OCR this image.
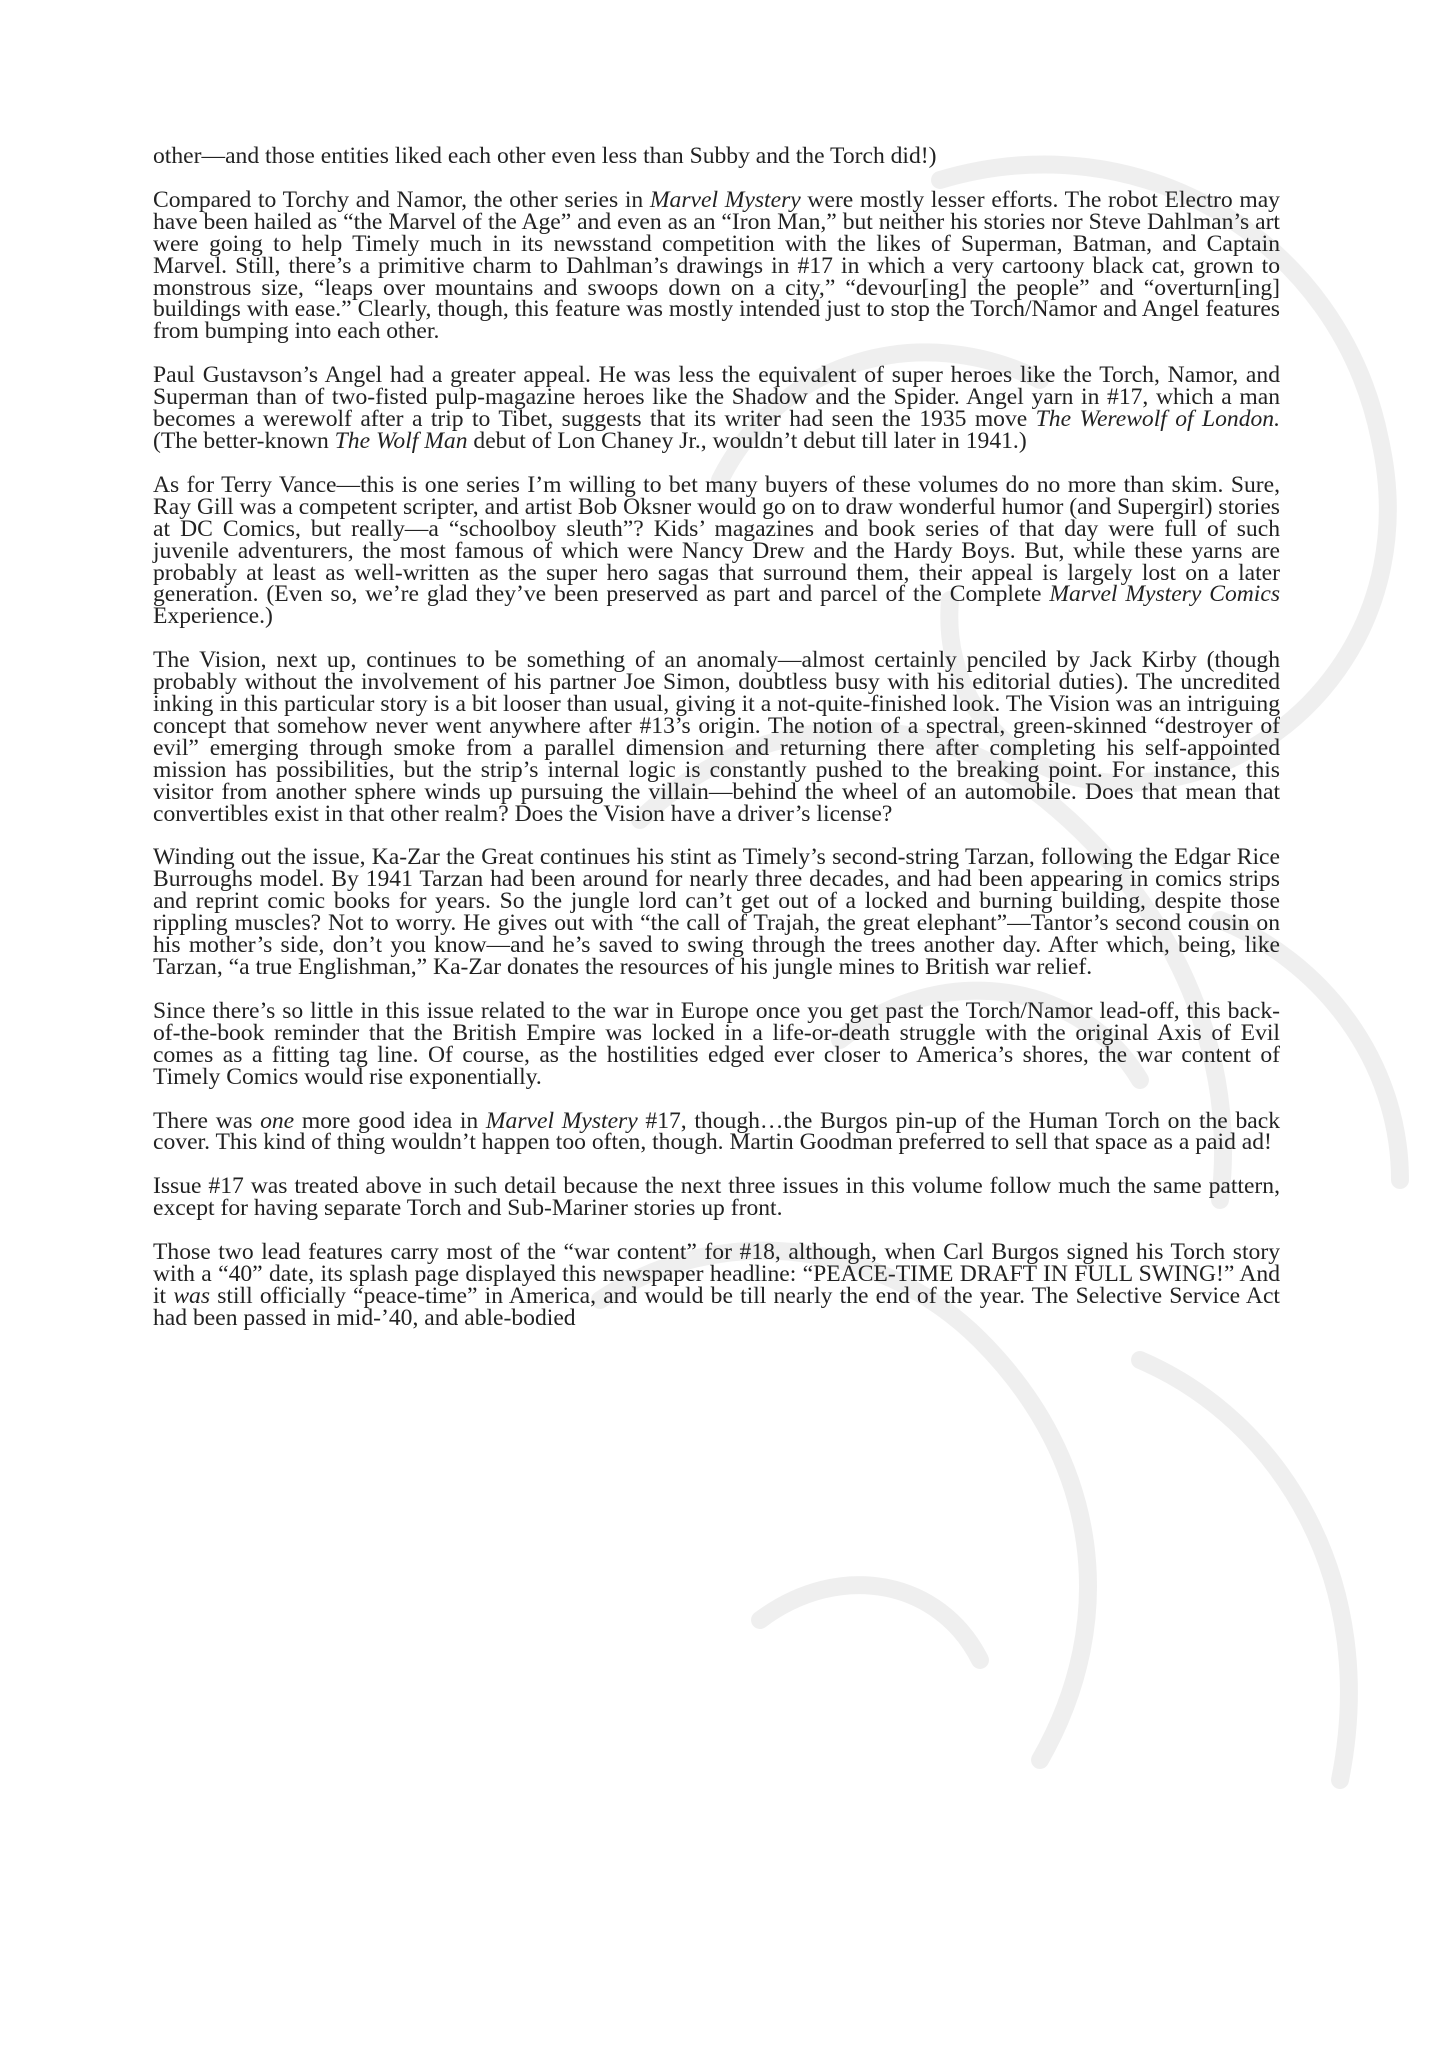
other—and those entities liked each other even less than Subby and the Torch did!)

Compared to Torchy and Namor, the other series in Marvel Mystery were mostly lesser efforts. The robot Electro may have been hailed as “the Marvel of the Age” and even as an “Iron Man,” but neither his stories nor Steve Dahlman’s art were going to help Timely much in its newsstand competition with the likes of Superman, Batman, and Captain Marvel. Still, there’s a primitive charm to Dahlman’s drawings in #17 in which a very cartoony black cat, grown to monstrous size, “leaps over mountains and swoops down on a city,” “devour[ing] the people” and “overturn[ing] buildings with ease.” Clearly, though, this feature was mostly intended just to stop the Torch/Namor and Angel features from bumping into each other.

Paul Gustavson’s Angel had a greater appeal. He was less the equivalent of super heroes like the Torch, Namor, and Superman than of two-fisted pulp-magazine heroes like the Shadow and the Spider. Angel yarn in #17, which a man becomes a werewolf after a trip to Tibet, suggests that its writer had seen the 1935 move The Werewolf of London. (The better-known The Wolf Man debut of Lon Chaney Jr., wouldn’t debut till later in 1941.)

As for Terry Vance—this is one series I’m willing to bet many buyers of these volumes do no more than skim. Sure, Ray Gill was a competent scripter, and artist Bob Oksner would go on to draw wonderful humor (and Supergirl) stories at DC Comics, but really—a “schoolboy sleuth”? Kids’ magazines and book series of that day were full of such juvenile adventurers, the most famous of which were Nancy Drew and the Hardy Boys. But, while these yarns are probably at least as well-written as the super hero sagas that surround them, their appeal is largely lost on a later generation. (Even so, we’re glad they’ve been preserved as part and parcel of the Complete Marvel Mystery Comics Experience.)

The Vision, next up, continues to be something of an anomaly—almost certainly penciled by Jack Kirby (though probably without the involvement of his partner Joe Simon, doubtless busy with his editorial duties). The uncredited inking in this particular story is a bit looser than usual, giving it a not-quite-finished look. The Vision was an intriguing concept that somehow never went anywhere after #13’s origin. The notion of a spectral, green-skinned “destroyer of evil” emerging through smoke from a parallel dimension and returning there after completing his self-appointed mission has possibilities, but the strip’s internal logic is constantly pushed to the breaking point. For instance, this visitor from another sphere winds up pursuing the villain—behind the wheel of an automobile. Does that mean that convertibles exist in that other realm? Does the Vision have a driver’s license?

Winding out the issue, Ka-Zar the Great continues his stint as Timely’s second-string Tarzan, following the Edgar Rice Burroughs model. By 1941 Tarzan had been around for nearly three decades, and had been appearing in comics strips and reprint comic books for years. So the jungle lord can’t get out of a locked and burning building, despite those rippling muscles? Not to worry. He gives out with “the call of Trajah, the great elephant”—Tantor’s second cousin on his mother’s side, don’t you know—and he’s saved to swing through the trees another day. After which, being, like Tarzan, “a true Englishman,” Ka-Zar donates the resources of his jungle mines to British war relief.

Since there’s so little in this issue related to the war in Europe once you get past the Torch/Namor lead-off, this back-of-the-book reminder that the British Empire was locked in a life-or-death struggle with the original Axis of Evil comes as a fitting tag line. Of course, as the hostilities edged ever closer to America’s shores, the war content of Timely Comics would rise exponentially.

There was one more good idea in Marvel Mystery #17, though…the Burgos pin-up of the Human Torch on the back cover. This kind of thing wouldn’t happen too often, though. Martin Goodman preferred to sell that space as a paid ad!

Issue #17 was treated above in such detail because the next three issues in this volume follow much the same pattern, except for having separate Torch and Sub-Mariner stories up front.

Those two lead features carry most of the “war content” for #18, although, when Carl Burgos signed his Torch story with a “40” date, its splash page displayed this newspaper headline: “PEACE-TIME DRAFT IN FULL SWING!” And it was still officially “peace-time” in America, and would be till nearly the end of the year. The Selective Service Act had been passed in mid-’40, and able-bodied
